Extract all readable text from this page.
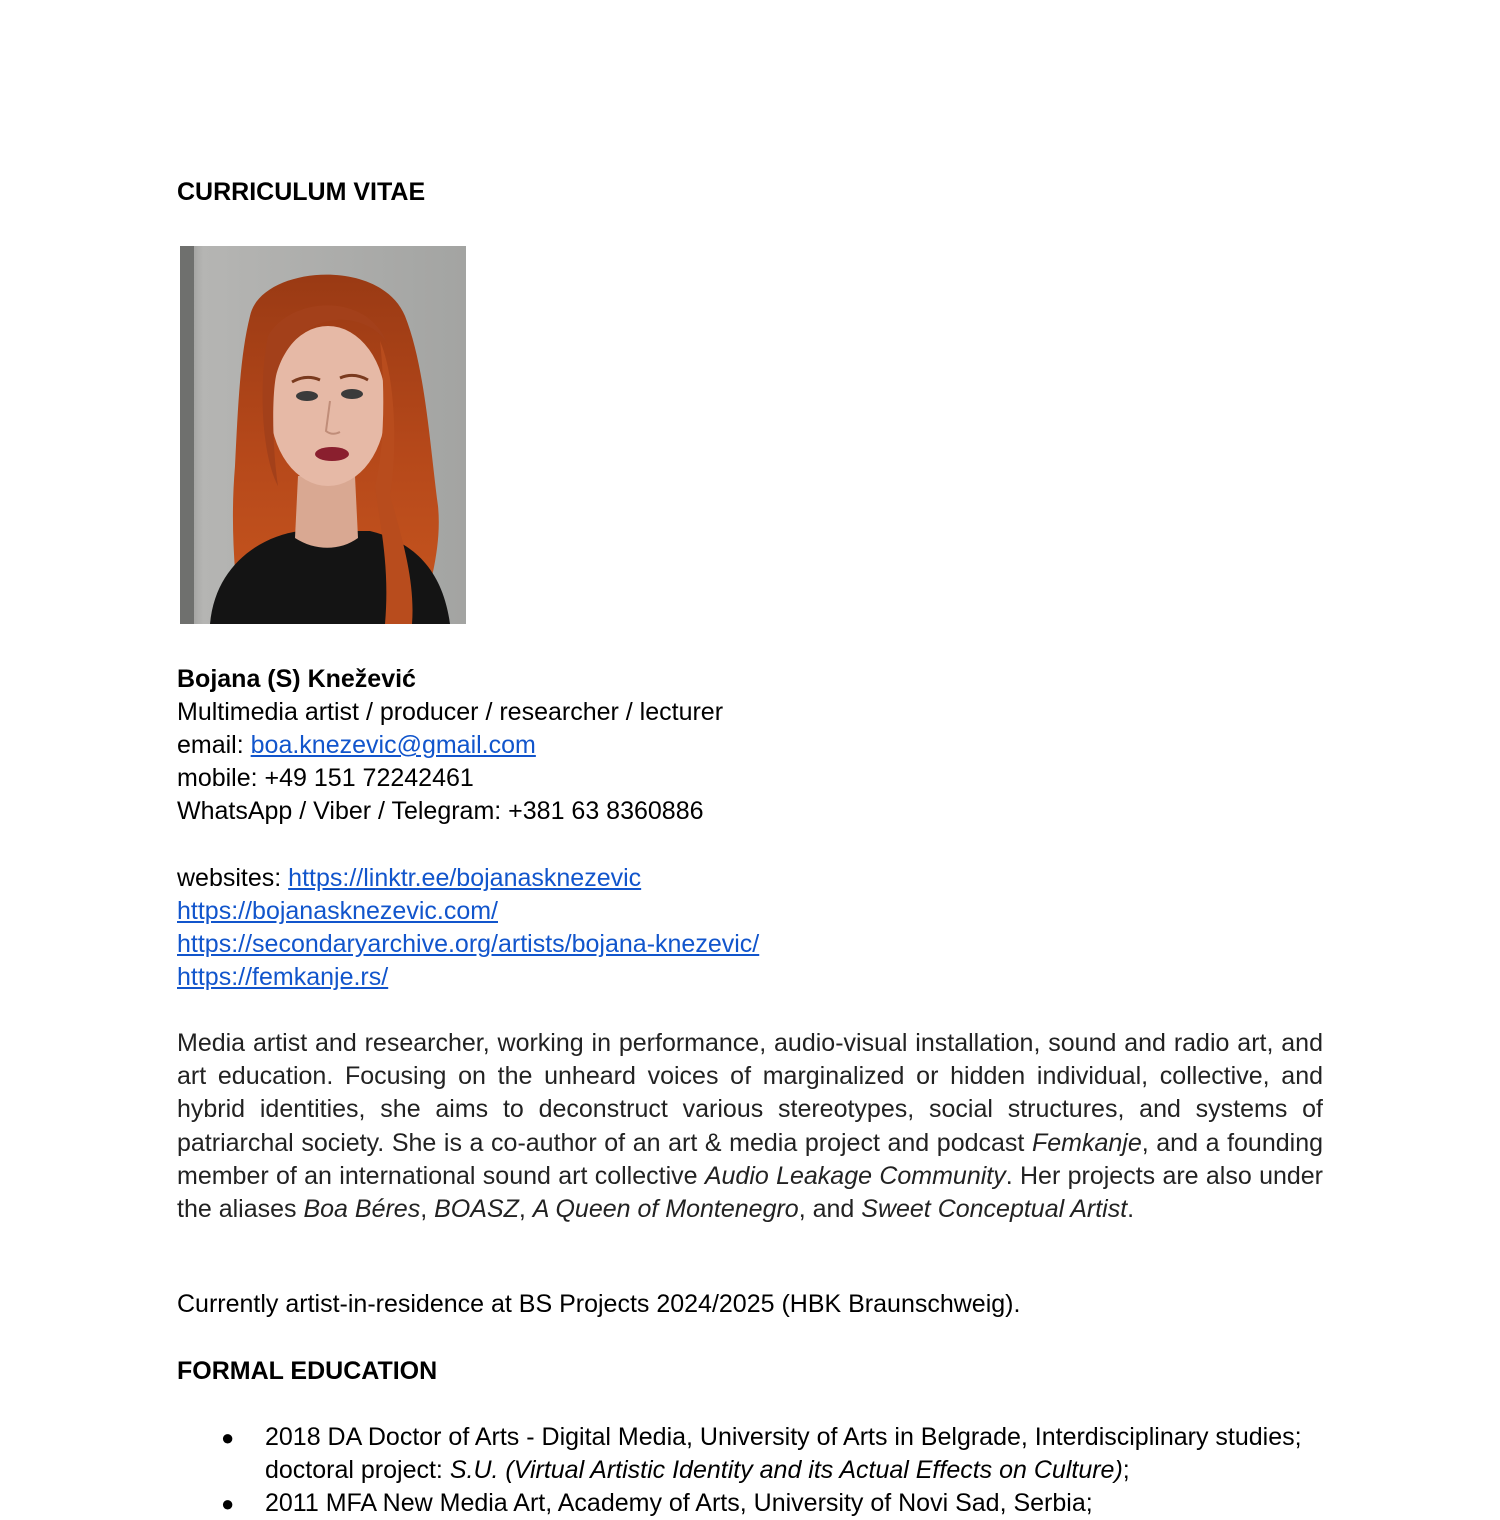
CURRICULUM VITAE
Bojana (S) Knežević
Multimedia artist / producer / researcher / lecturer
email: boa.knezevic@gmail.com
mobile: +49 151 72242461
WhatsApp / Viber / Telegram: +381 63 8360886
websites: https://linktr.ee/bojanasknezevic
https://bojanasknezevic.com/
https://secondaryarchive.org/artists/bojana-knezevic/
https://femkanje.rs/

Media artist and researcher, working in performance, audio-visual installation, sound and radio art, and art education. Focusing on the unheard voices of marginalized or hidden individual, collective, and hybrid identities, she aims to deconstruct various stereotypes, social structures, and systems of patriarchal society. She is a co-author of an art & media project and podcast Femkanje, and a founding member of an international sound art collective Audio Leakage Community. Her projects are also under the aliases Boa Béres, BOASZ, A Queen of Montenegro, and Sweet Conceptual Artist.

Currently artist-in-residence at BS Projects 2024/2025 (HBK Braunschweig).
FORMAL EDUCATION
● 2018 DA Doctor of Arts - Digital Media, University of Arts in Belgrade, Interdisciplinary studies; doctoral project: S.U. (Virtual Artistic Identity and its Actual Effects on Culture);
● 2011 MFA New Media Art, Academy of Arts, University of Novi Sad, Serbia;
